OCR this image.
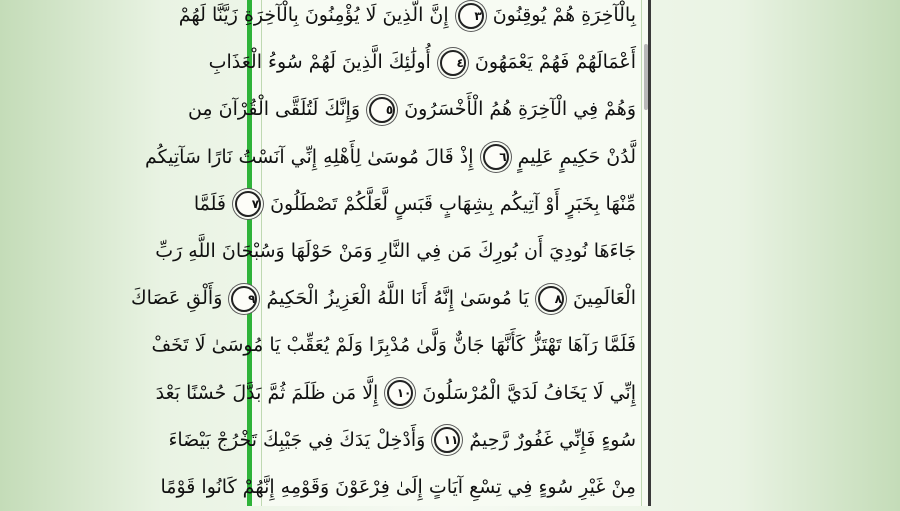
بِالْآخِرَةِ هُمْ يُوقِنُونَ ٣ إِنَّ الَّذِينَ لَا يُؤْمِنُونَ بِالْآخِرَةِ زَيَّنَّا لَهُمْ
أَعْمَالَهُمْ فَهُمْ يَعْمَهُونَ ٤ أُولَٰئِكَ الَّذِينَ لَهُمْ سُوءُ الْعَذَابِ
وَهُمْ فِي الْآخِرَةِ هُمُ الْأَخْسَرُونَ ٥ وَإِنَّكَ لَتُلَقَّى الْقُرْآنَ مِن
لَّدُنْ حَكِيمٍ عَلِيمٍ ٦ إِذْ قَالَ مُوسَىٰ لِأَهْلِهِ إِنِّي آنَسْتُ نَارًا سَآتِيكُم
مِّنْهَا بِخَبَرٍ أَوْ آتِيكُم بِشِهَابٍ قَبَسٍ لَّعَلَّكُمْ تَصْطَلُونَ ٧ فَلَمَّا
جَاءَهَا نُودِيَ أَن بُورِكَ مَن فِي النَّارِ وَمَنْ حَوْلَهَا وَسُبْحَانَ اللَّهِ رَبِّ
الْعَالَمِينَ ٨ يَا مُوسَىٰ إِنَّهُ أَنَا اللَّهُ الْعَزِيزُ الْحَكِيمُ ٩ وَأَلْقِ عَصَاكَ
فَلَمَّا رَآهَا تَهْتَزُّ كَأَنَّهَا جَانٌّ وَلَّىٰ مُدْبِرًا وَلَمْ يُعَقِّبْ يَا مُوسَىٰ لَا تَخَفْ
إِنِّي لَا يَخَافُ لَدَيَّ الْمُرْسَلُونَ ١٠ إِلَّا مَن ظَلَمَ ثُمَّ بَدَّلَ حُسْنًا بَعْدَ
سُوءٍ فَإِنِّي غَفُورٌ رَّحِيمٌ ١١ وَأَدْخِلْ يَدَكَ فِي جَيْبِكَ تَخْرُجْ بَيْضَاءَ
مِنْ غَيْرِ سُوءٍ فِي تِسْعِ آيَاتٍ إِلَىٰ فِرْعَوْنَ وَقَوْمِهِ إِنَّهُمْ كَانُوا قَوْمًا
